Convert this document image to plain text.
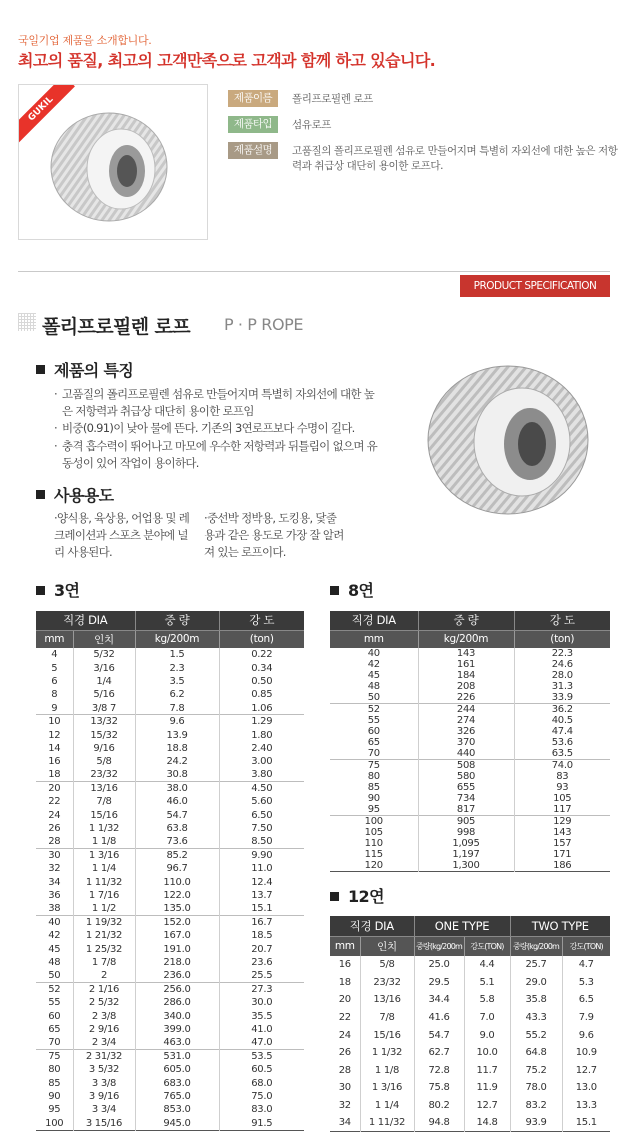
국일기업 제품을 소개합니다.
최고의 품질, 최고의 고객만족으로 고객과 함께 하고 있습니다.
GUKIL	제품이름	폴리프로필렌 로프
제품타입	섬유로프
제품설명	고품질의 폴리프로필렌 섬유로 만들어지며 특별히 자외선에 대한 높은 저항력과 취급상 대단히 용이한 로프다.
PRODUCT SPECIFICATION
폴리프로필렌 로프 P · P ROPE
제품의 특징
· 고품질의 폴리프로필렌 섬유로 만들어지며 특별히 자외선에 대한 높은 저항력과 취급상 대단히 용이한 로프임
· 비중(0.91)이 낮아 물에 뜬다. 기존의 3연로프보다 수명이 길다.
· 충격 흡수력이 뛰어나고 마모에 우수한 저항력과 뒤틀림이 없으며 유동성이 있어 작업이 용이하다.
사용용도
·양식용, 육상용, 어업용 및 레크레이션과 스포츠 분야에 널리 사용된다.
·중선박 정박용, 도킹용, 닻줄용과 같은 용도로 가장 잘 알려져 있는 로프이다.
3연
직경 DIA		중 량	강 도
mm	인치	kg/200m	(ton)
4	5/32	1.5	0.22
5	3/16	2.3	0.34
6	1/4	3.5	0.50
8	5/16	6.2	0.85
9	3/8 7	7.8	1.06
10	13/32	9.6	1.29
12	15/32	13.9	1.80
14	9/16	18.8	2.40
16	5/8	24.2	3.00
18	23/32	30.8	3.80
20	13/16	38.0	4.50
22	7/8	46.0	5.60
24	15/16	54.7	6.50
26	1 1/32	63.8	7.50
28	1 1/8	73.6	8.50
30	1 3/16	85.2	9.90
32	1 1/4	96.7	11.0
34	1 11/32	110.0	12.4
36	1 7/16	122.0	13.7
38	1 1/2	135.0	15.1
40	1 19/32	152.0	16.7
42	1 21/32	167.0	18.5
45	1 25/32	191.0	20.7
48	1 7/8	218.0	23.6
50	2	236.0	25.5
52	2 1/16	256.0	27.3
55	2 5/32	286.0	30.0
60	2 3/8	340.0	35.5
65	2 9/16	399.0	41.0
70	2 3/4	463.0	47.0
75	2 31/32	531.0	53.5
80	3 5/32	605.0	60.5
85	3 3/8	683.0	68.0
90	3 9/16	765.0	75.0
95	3 3/4	853.0	83.0
100	3 15/16	945.0	91.5
8연
직경 DIA	중 량	강 도
mm	kg/200m	(ton)
40	143	22.3
42	161	24.6
45	184	28.0
48	208	31.3
50	226	33.9
52	244	36.2
55	274	40.5
60	326	47.4
65	370	53.6
70	440	63.5
75	508	74.0
80	580	83
85	655	93
90	734	105
95	817	117
100	905	129
105	998	143
110	1,095	157
115	1,197	171
120	1,300	186
12연
직경 DIA		ONE TYPE		TWO TYPE	
mm	인치	중량(kg/200m	강도(TON)	중량(kg/200m	강도(TON)
16	5/8	25.0	4.4	25.7	4.7
18	23/32	29.5	5.1	29.0	5.3
20	13/16	34.4	5.8	35.8	6.5
22	7/8	41.6	7.0	43.3	7.9
24	15/16	54.7	9.0	55.2	9.6
26	1 1/32	62.7	10.0	64.8	10.9
28	1 1/8	72.8	11.7	75.2	12.7
30	1 3/16	75.8	11.9	78.0	13.0
32	1 1/4	80.2	12.7	83.2	13.3
34	1 11/32	94.8	14.8	93.9	15.1
